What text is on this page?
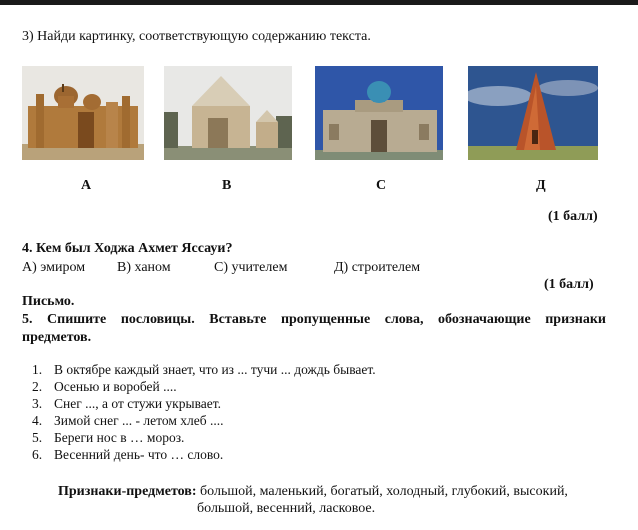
3) Найди картинку, соответствующую содержанию текста.
А	В	С	Д
(1 балл)
4. Кем был Ходжа Ахмет Яссауи?
А) эмиром В) ханом	С) учителем	Д) строителем
(1 балл)
Письмо.
5. Спишите пословицы. Вставьте пропущенные слова, обозначающие признаки
предметов.
1. В октябре каждый знает, что из ... тучи ... дождь бывает.
2. Осенью и воробей ....
3. Снег ..., а от стужи укрывает.
4. Зимой снег ... - летом хлеб ....
5. Береги нос в … мороз.
6. Весенний день- что … слово.
Признаки-предметов: большой, маленький, богатый, холодный, глубокий, высокий,
большой, весенний, ласковое.
